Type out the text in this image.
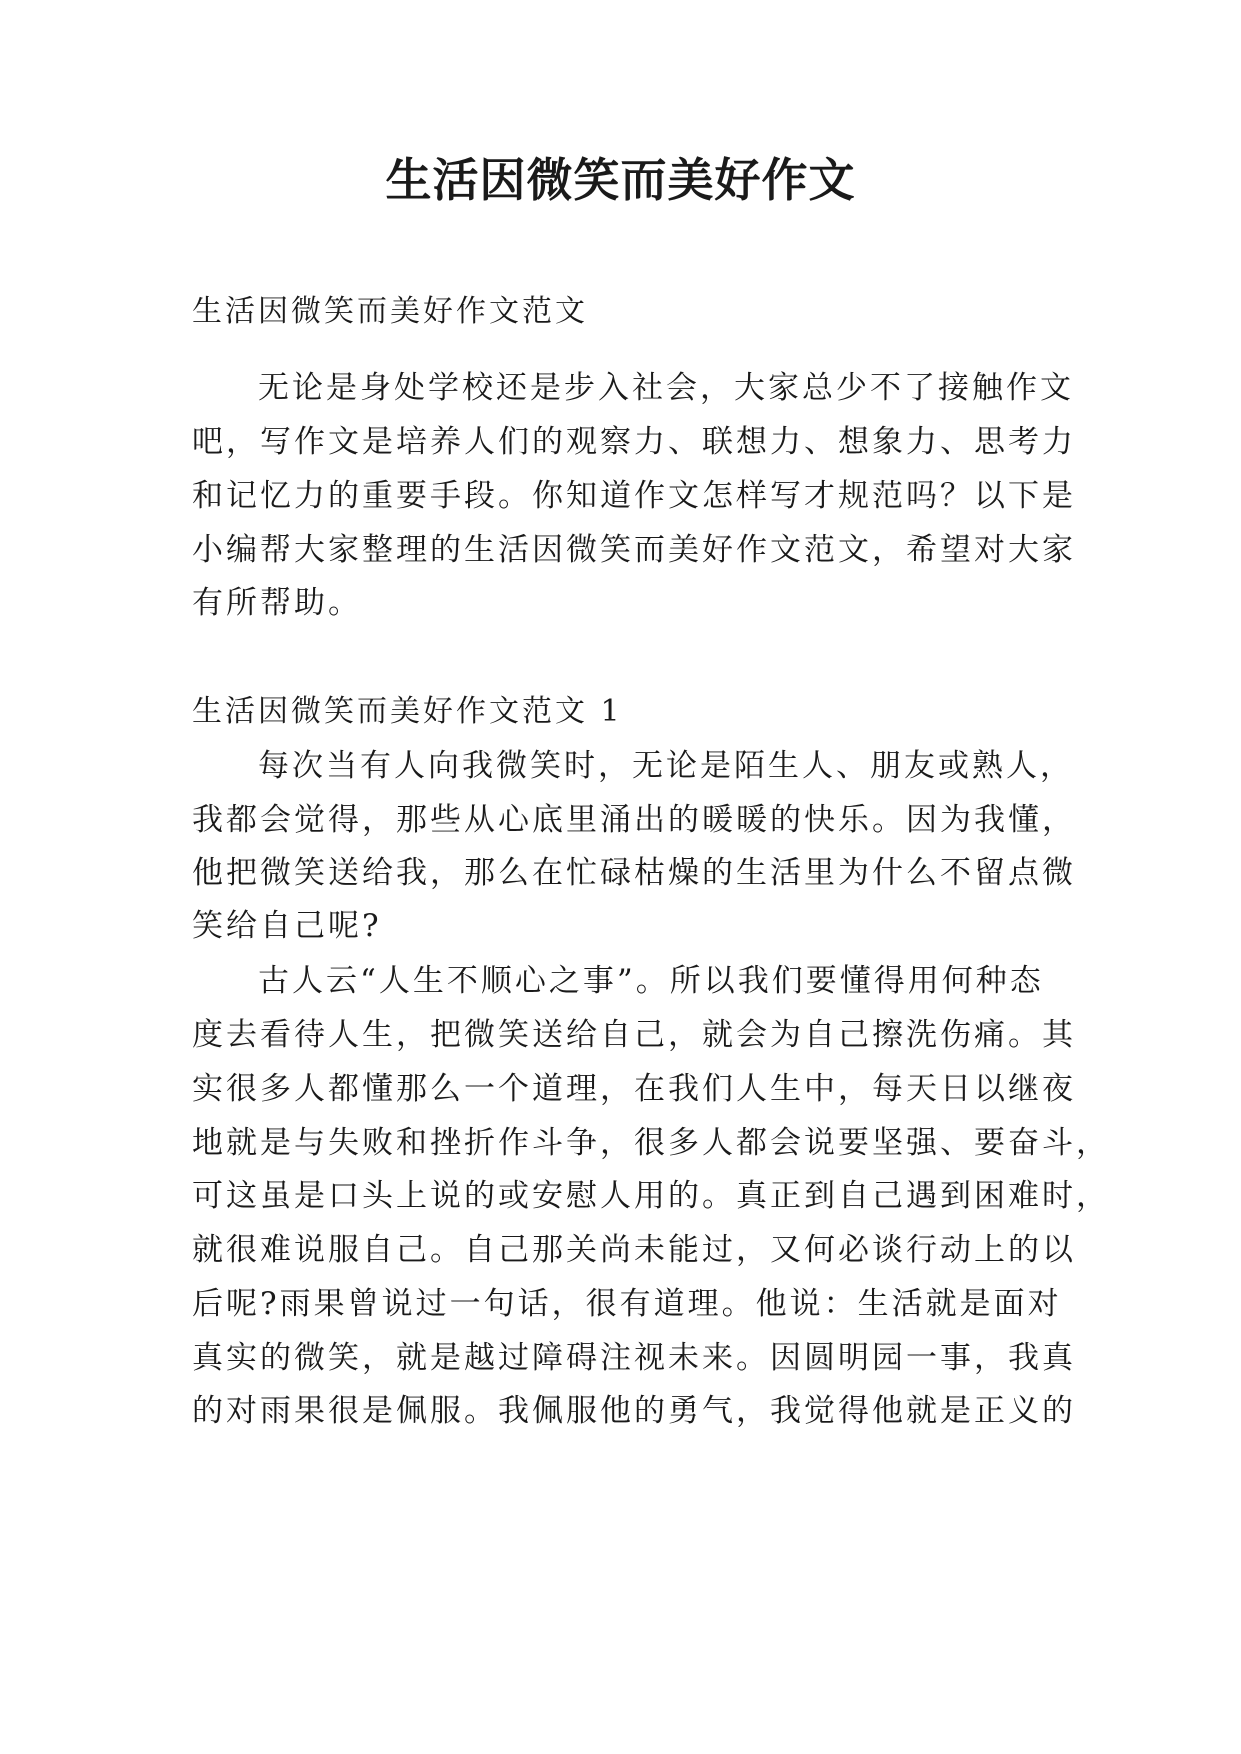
生活因微笑而美好作文
生活因微笑而美好作文范文
无论是身处学校还是步入社会，大家总少不了接触作文
吧，写作文是培养人们的观察力、联想力、想象力、思考力
和记忆力的重要手段。你知道作文怎样写才规范吗？以下是
小编帮大家整理的生活因微笑而美好作文范文，希望对大家
有所帮助。
生活因微笑而美好作文范文 1
每次当有人向我微笑时，无论是陌生人、朋友或熟人，
我都会觉得，那些从心底里涌出的暖暖的快乐。因为我懂，
他把微笑送给我，那么在忙碌枯燥的生活里为什么不留点微
笑给自己呢?
古人云“人生不顺心之事”。所以我们要懂得用何种态
度去看待人生，把微笑送给自己，就会为自己擦洗伤痛。其
实很多人都懂那么一个道理，在我们人生中，每天日以继夜
地就是与失败和挫折作斗争，很多人都会说要坚强、要奋斗，
可这虽是口头上说的或安慰人用的。真正到自己遇到困难时，
就很难说服自己。自己那关尚未能过，又何必谈行动上的以
后呢?雨果曾说过一句话，很有道理。他说：生活就是面对
真实的微笑，就是越过障碍注视未来。因圆明园一事，我真
的对雨果很是佩服。我佩服他的勇气，我觉得他就是正义的
